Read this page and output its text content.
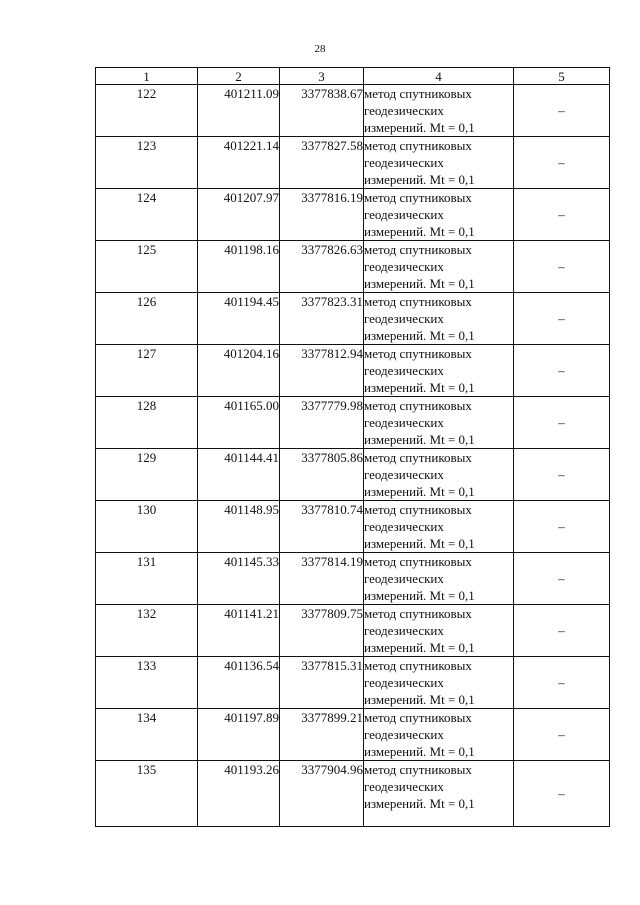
28
1	2	3	4	5
122	401211.09	3377838.67	метод спутниковых
геодезических
измерений. Mt = 0,1	–
123	401221.14	3377827.58	метод спутниковых
геодезических
измерений. Mt = 0,1	–
124	401207.97	3377816.19	метод спутниковых
геодезических
измерений. Mt = 0,1	–
125	401198.16	3377826.63	метод спутниковых
геодезических
измерений. Mt = 0,1	–
126	401194.45	3377823.31	метод спутниковых
геодезических
измерений. Mt = 0,1	–
127	401204.16	3377812.94	метод спутниковых
геодезических
измерений. Mt = 0,1	–
128	401165.00	3377779.98	метод спутниковых
геодезических
измерений. Mt = 0,1	–
129	401144.41	3377805.86	метод спутниковых
геодезических
измерений. Mt = 0,1	–
130	401148.95	3377810.74	метод спутниковых
геодезических
измерений. Mt = 0,1	–
131	401145.33	3377814.19	метод спутниковых
геодезических
измерений. Mt = 0,1	–
132	401141.21	3377809.75	метод спутниковых
геодезических
измерений. Mt = 0,1	–
133	401136.54	3377815.31	метод спутниковых
геодезических
измерений. Mt = 0,1	–
134	401197.89	3377899.21	метод спутниковых
геодезических
измерений. Mt = 0,1	–
135	401193.26	3377904.96	метод спутниковых
геодезических
измерений. Mt = 0,1	–
